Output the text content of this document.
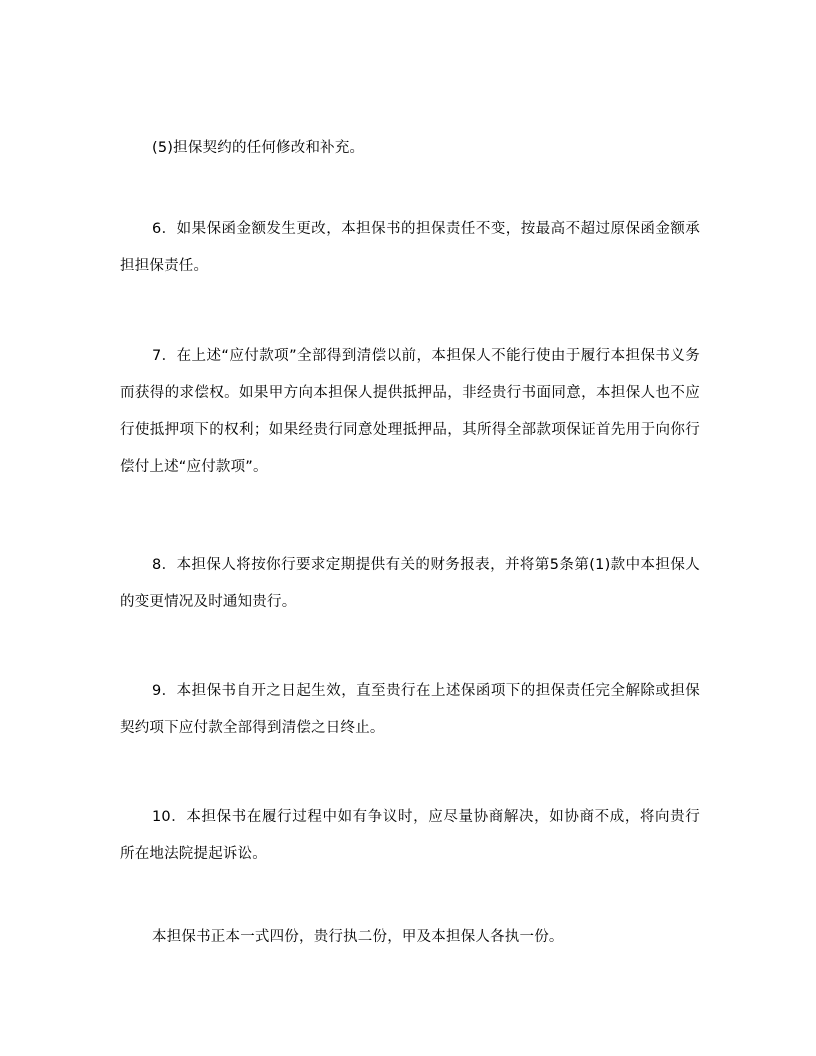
(5)担保契约的任何修改和补充。

6．如果保函金额发生更改，本担保书的担保责任不变，按最高不超过原保函金额承担担保责任。

7．在上述“应付款项”全部得到清偿以前，本担保人不能行使由于履行本担保书义务而获得的求偿权。如果甲方向本担保人提供抵押品，非经贵行书面同意，本担保人也不应行使抵押项下的权利；如果经贵行同意处理抵押品，其所得全部款项保证首先用于向你行偿付上述“应付款项”。

8．本担保人将按你行要求定期提供有关的财务报表，并将第5条第(1)款中本担保人的变更情况及时通知贵行。

9．本担保书自开之日起生效，直至贵行在上述保函项下的担保责任完全解除或担保契约项下应付款全部得到清偿之日终止。

10．本担保书在履行过程中如有争议时，应尽量协商解决，如协商不成，将向贵行所在地法院提起诉讼。

本担保书正本一式四份，贵行执二份，甲及本担保人各执一份。
